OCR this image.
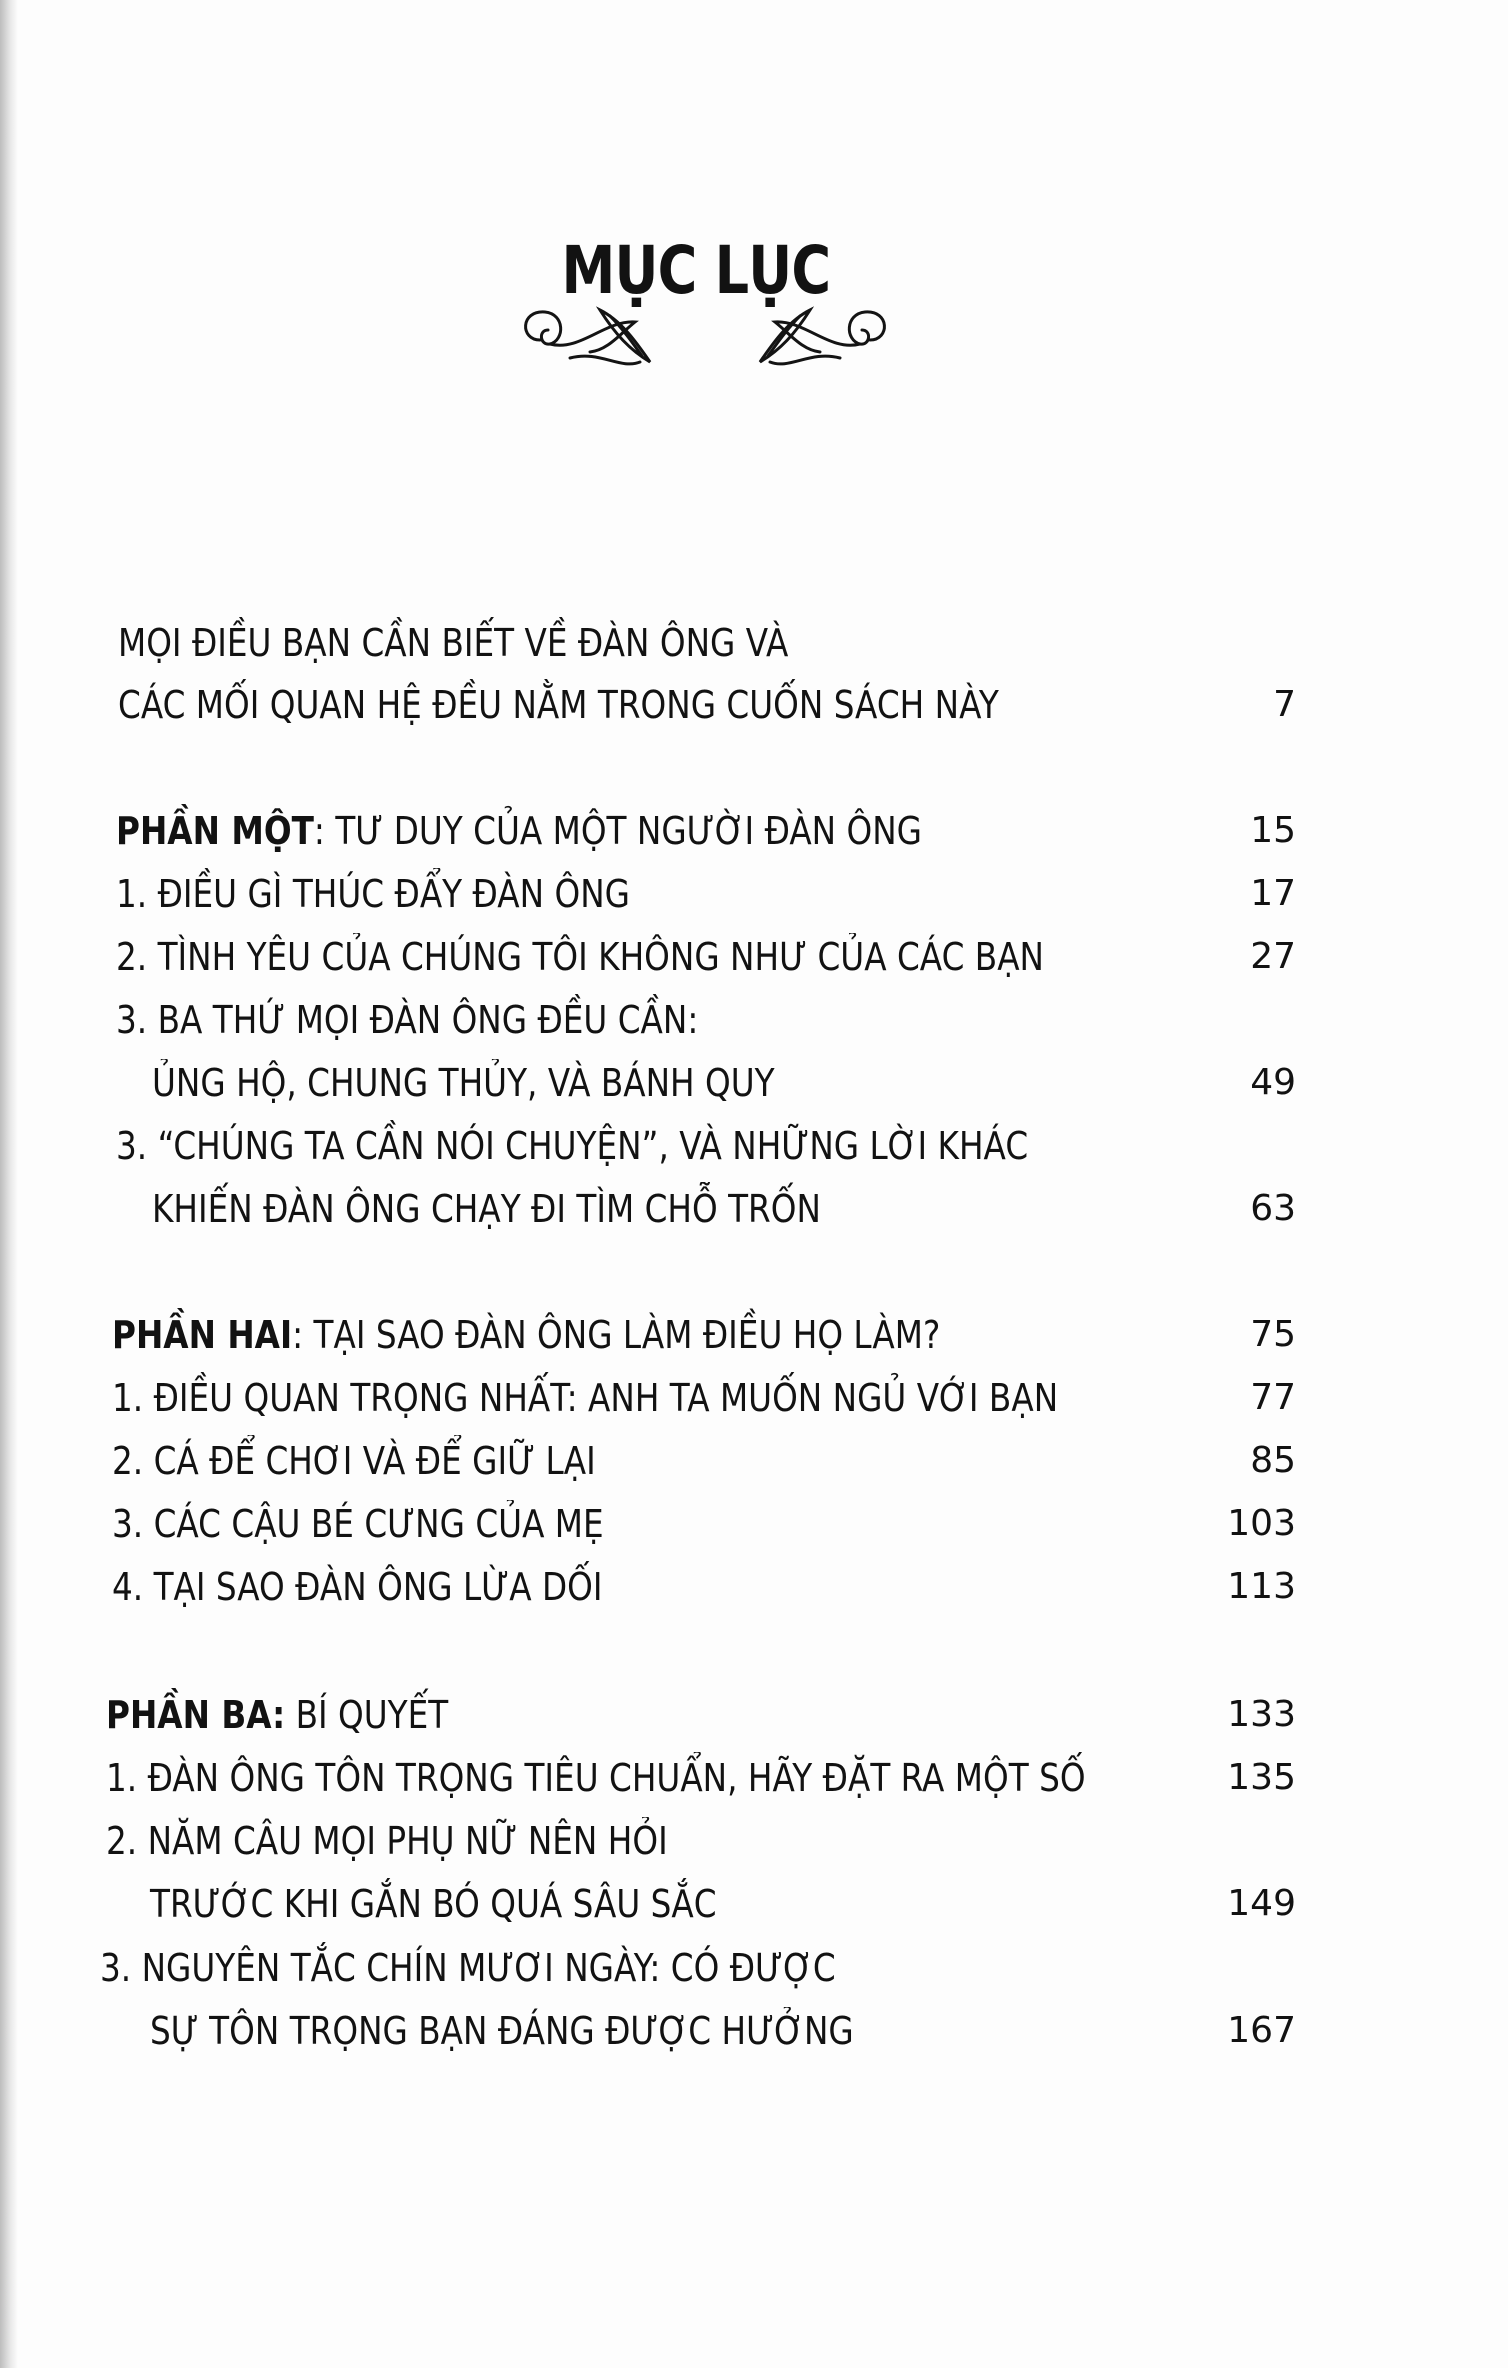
MỤC LỤC
MỌI ĐIỀU BẠN CẦN BIẾT VỀ ĐÀN ÔNG VÀ
CÁC MỐI QUAN HỆ ĐỀU NẰM TRONG CUỐN SÁCH NÀY	7
PHẦN MỘT: TƯ DUY CỦA MỘT NGƯỜI ĐÀN ÔNG	15
1. ĐIỀU GÌ THÚC ĐẨY ĐÀN ÔNG	17
2. TÌNH YÊU CỦA CHÚNG TÔI KHÔNG NHƯ CỦA CÁC BẠN	27
3. BA THỨ MỌI ĐÀN ÔNG ĐỀU CẦN:
ỦNG HỘ, CHUNG THỦY, VÀ BÁNH QUY	49
3. “CHÚNG TA CẦN NÓI CHUYỆN”, VÀ NHỮNG LỜI KHÁC
KHIẾN ĐÀN ÔNG CHẠY ĐI TÌM CHỖ TRỐN	63
PHẦN HAI: TẠI SAO ĐÀN ÔNG LÀM ĐIỀU HỌ LÀM?	75
1. ĐIỀU QUAN TRỌNG NHẤT: ANH TA MUỐN NGỦ VỚI BẠN	77
2. CÁ ĐỂ CHƠI VÀ ĐỂ GIỮ LẠI	85
3. CÁC CẬU BÉ CƯNG CỦA MẸ	103
4. TẠI SAO ĐÀN ÔNG LỪA DỐI	113
PHẦN BA: BÍ QUYẾT	133
1. ĐÀN ÔNG TÔN TRỌNG TIÊU CHUẨN, HÃY ĐẶT RA MỘT SỐ	135
2. NĂM CÂU MỌI PHỤ NỮ NÊN HỎI
TRƯỚC KHI GẮN BÓ QUÁ SÂU SẮC	149
3. NGUYÊN TẮC CHÍN MƯƠI NGÀY: CÓ ĐƯỢC
SỰ TÔN TRỌNG BẠN ĐÁNG ĐƯỢC HƯỞNG	167
